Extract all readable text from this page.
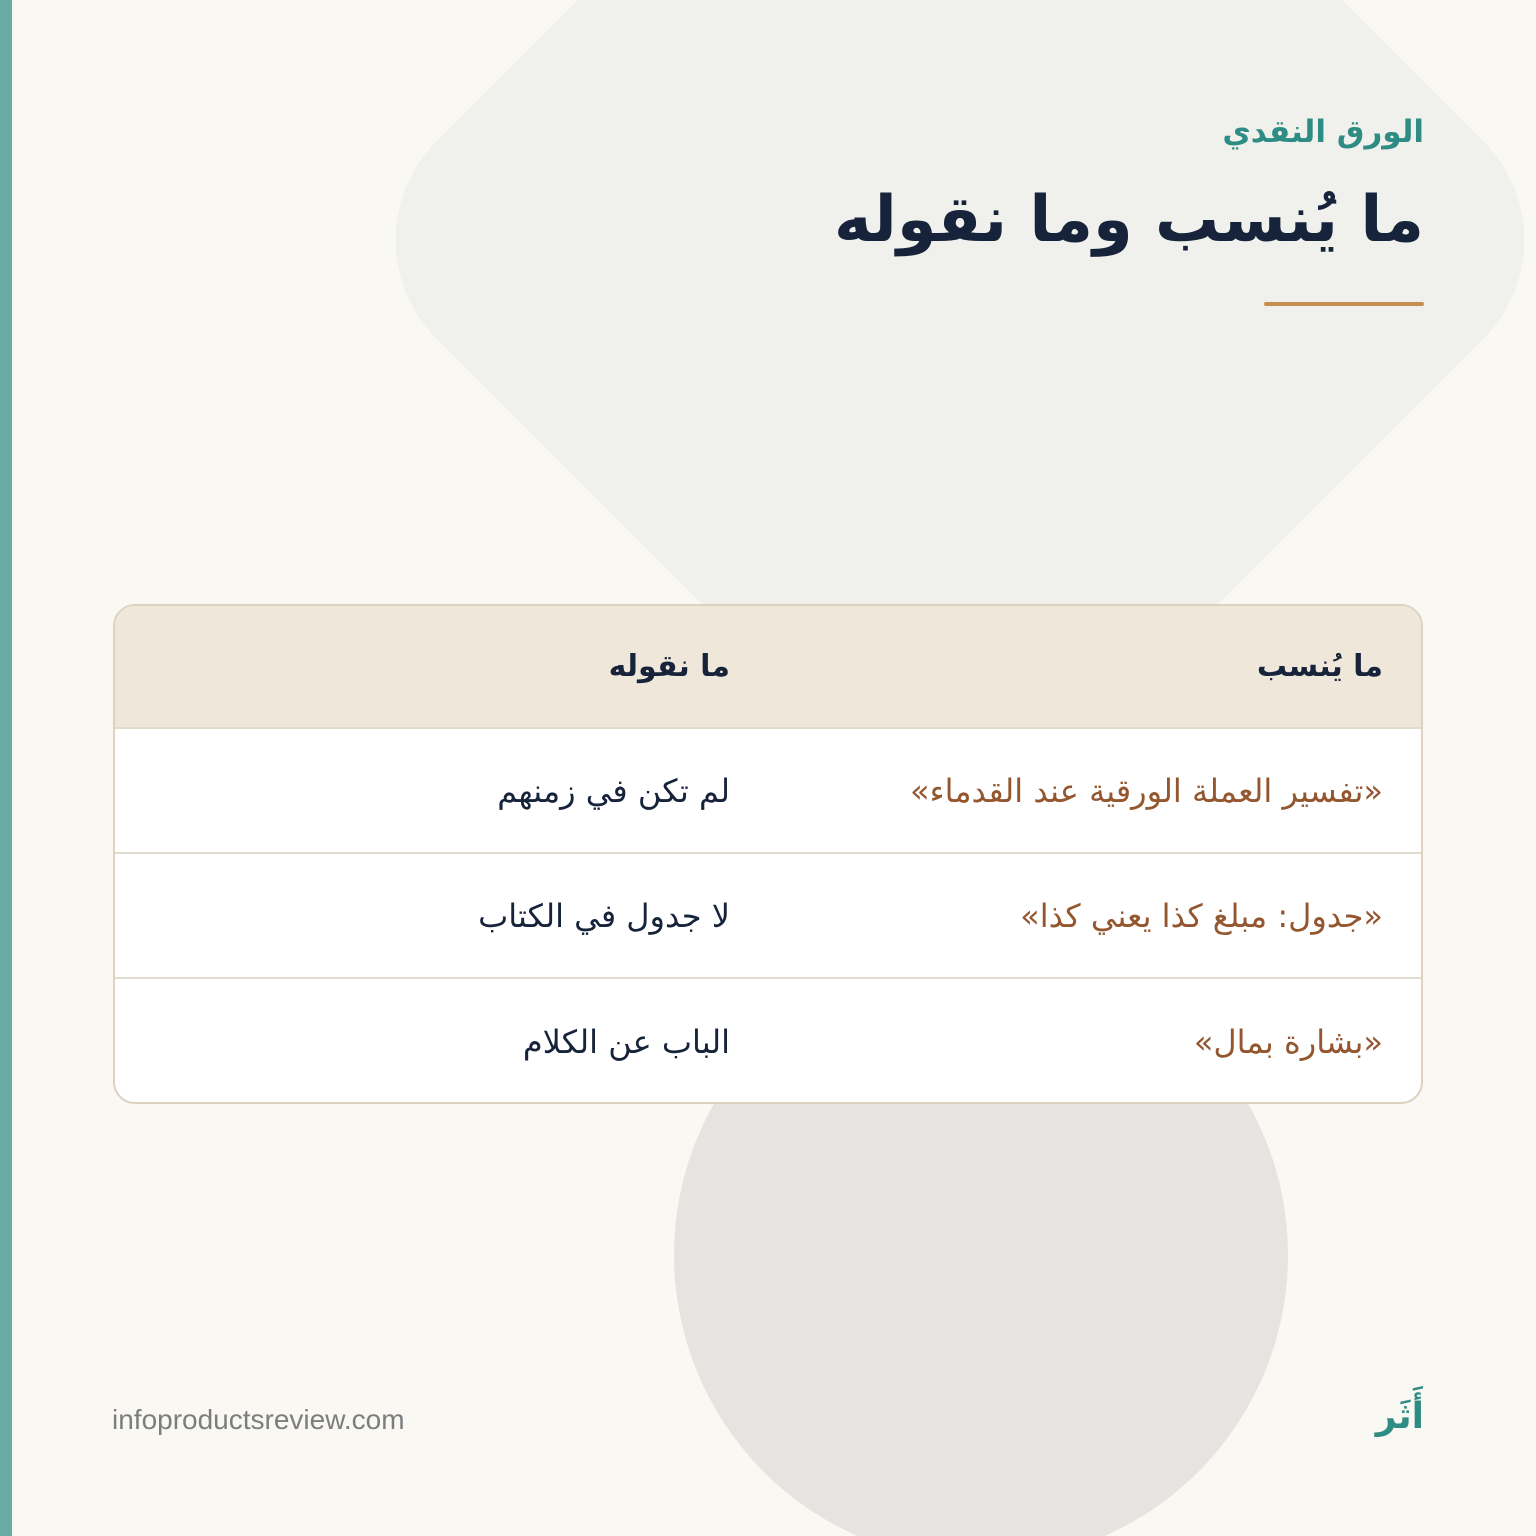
الورق النقدي
ما يُنسب وما نقوله
ما يُنسب
ما نقوله
«تفسير العملة الورقية عند القدماء»
لم تكن في زمنهم
«جدول: مبلغ كذا يعني كذا»
لا جدول في الكتاب
«بشارة بمال»
الباب عن الكلام
infoproductsreview.com	أَثَر
